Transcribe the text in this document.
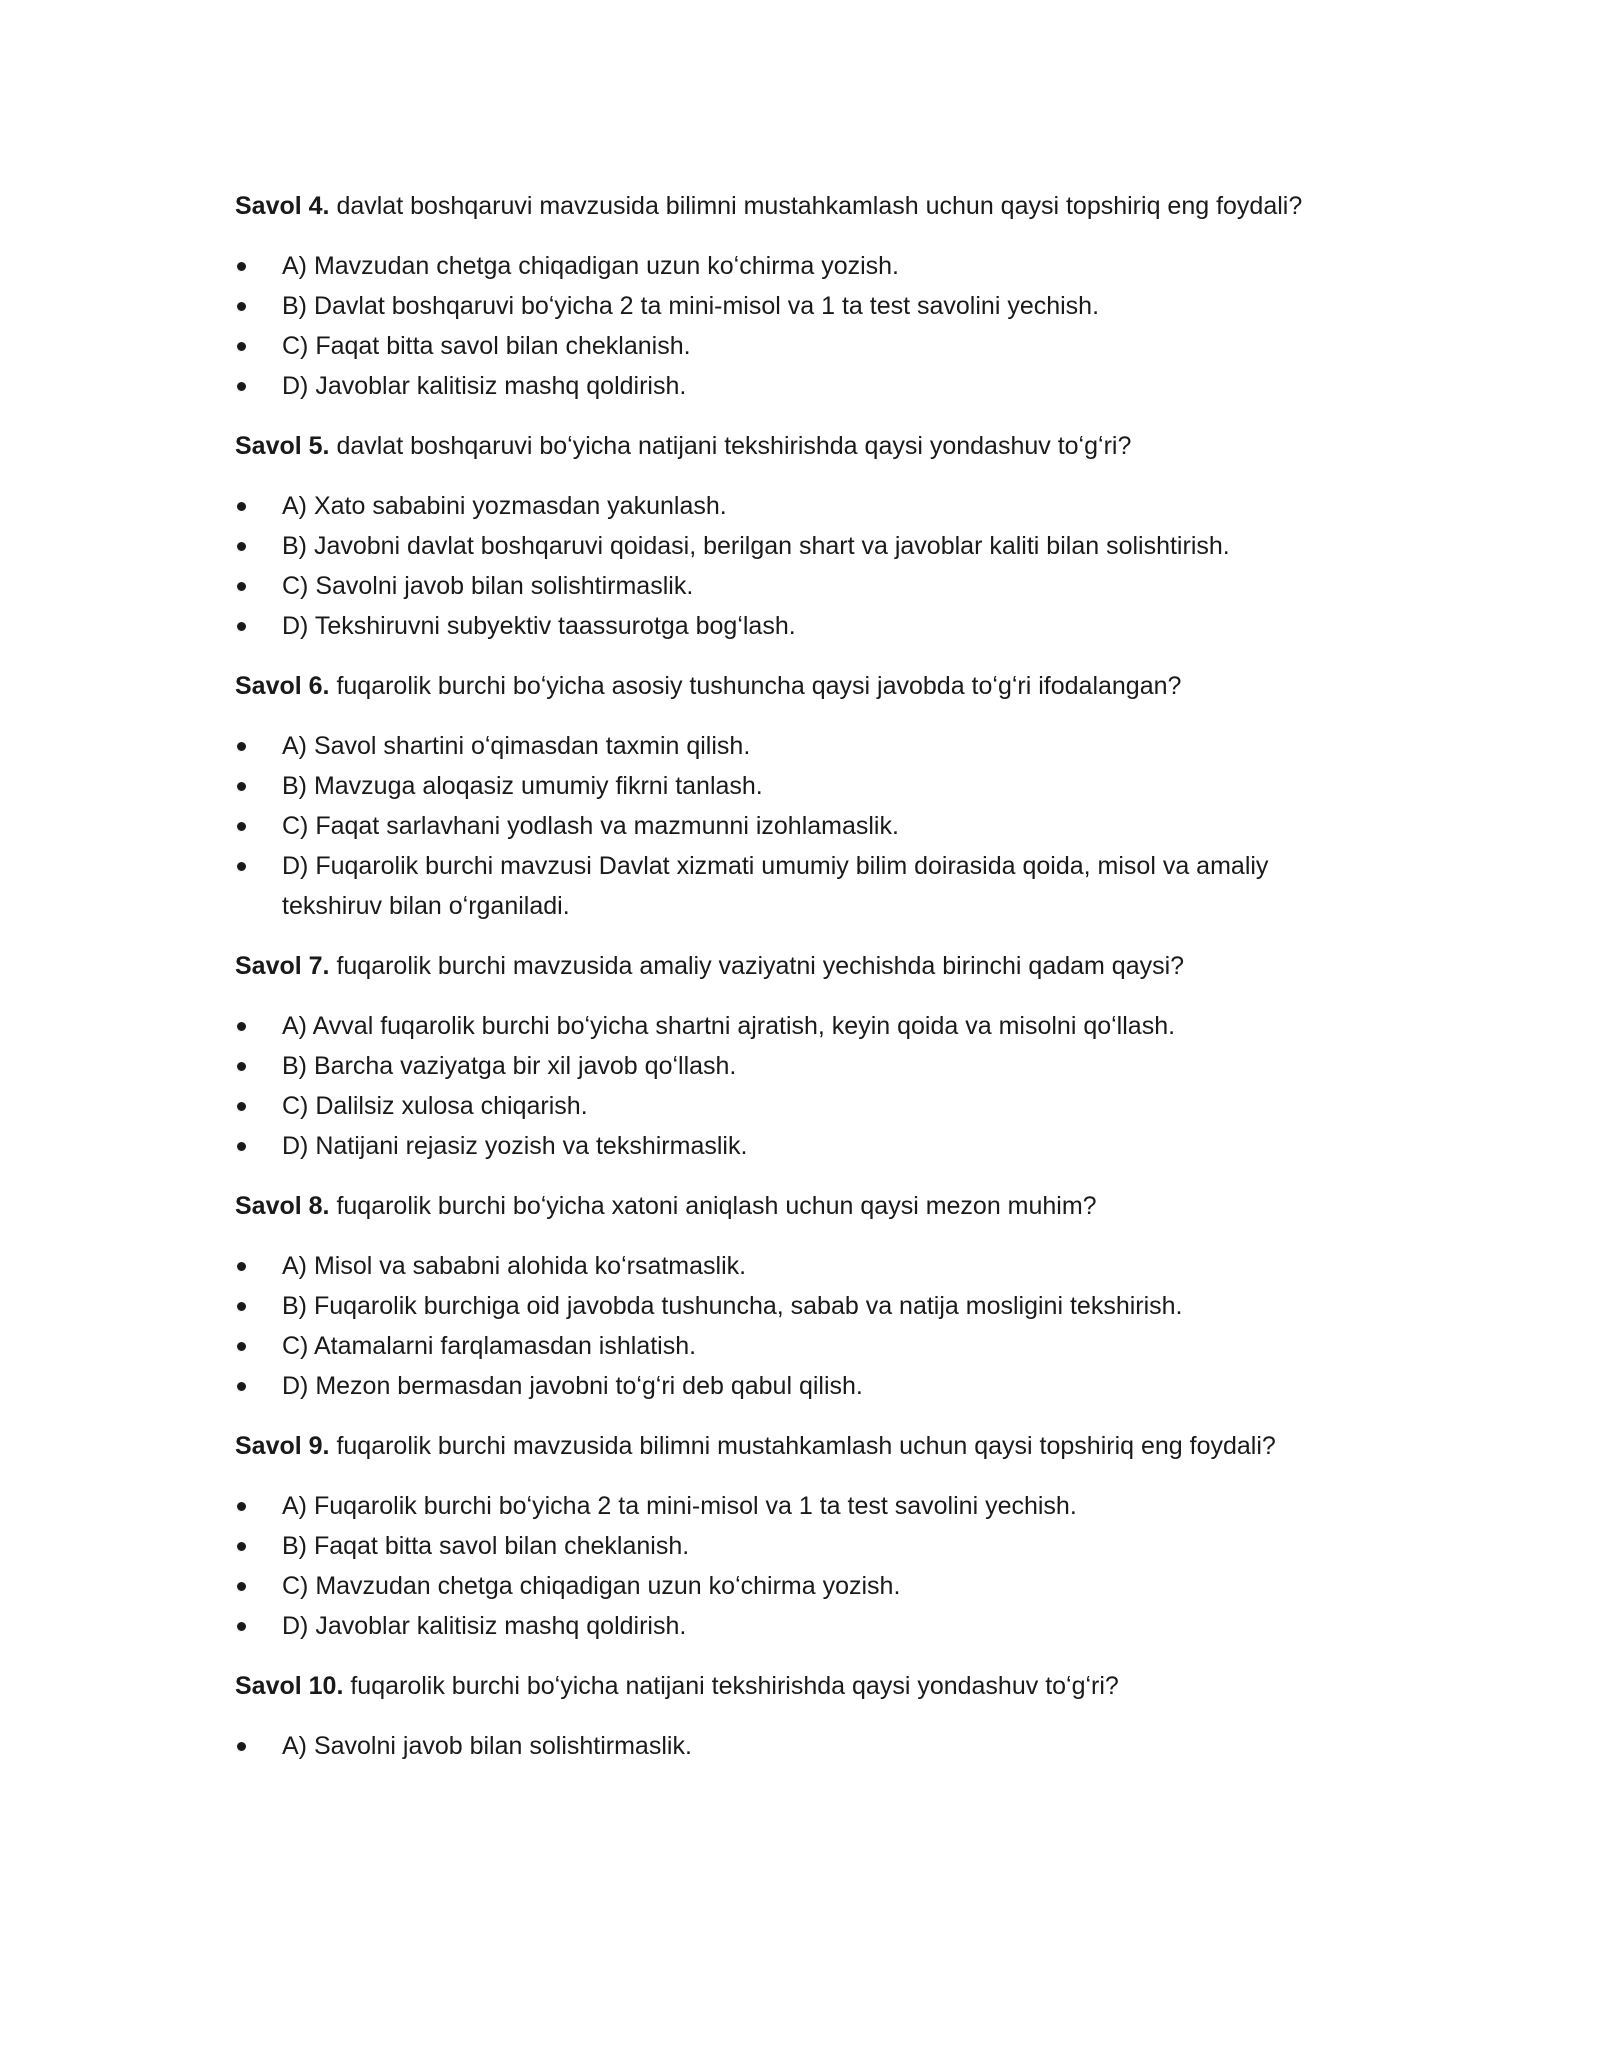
Savol 4. davlat boshqaruvi mavzusida bilimni mustahkamlash uchun qaysi topshiriq eng foydali?

A) Mavzudan chetga chiqadigan uzun koʻchirma yozish.
B) Davlat boshqaruvi boʻyicha 2 ta mini-misol va 1 ta test savolini yechish.
C) Faqat bitta savol bilan cheklanish.
D) Javoblar kalitisiz mashq qoldirish.

Savol 5. davlat boshqaruvi boʻyicha natijani tekshirishda qaysi yondashuv toʻgʻri?

A) Xato sababini yozmasdan yakunlash.
B) Javobni davlat boshqaruvi qoidasi, berilgan shart va javoblar kaliti bilan solishtirish.
C) Savolni javob bilan solishtirmaslik.
D) Tekshiruvni subyektiv taassurotga bogʻlash.

Savol 6. fuqarolik burchi boʻyicha asosiy tushuncha qaysi javobda toʻgʻri ifodalangan?

A) Savol shartini oʻqimasdan taxmin qilish.
B) Mavzuga aloqasiz umumiy fikrni tanlash.
C) Faqat sarlavhani yodlash va mazmunni izohlamaslik.
D) Fuqarolik burchi mavzusi Davlat xizmati umumiy bilim doirasida qoida, misol va amaliy tekshiruv bilan oʻrganiladi.

Savol 7. fuqarolik burchi mavzusida amaliy vaziyatni yechishda birinchi qadam qaysi?

A) Avval fuqarolik burchi boʻyicha shartni ajratish, keyin qoida va misolni qoʻllash.
B) Barcha vaziyatga bir xil javob qoʻllash.
C) Dalilsiz xulosa chiqarish.
D) Natijani rejasiz yozish va tekshirmaslik.

Savol 8. fuqarolik burchi boʻyicha xatoni aniqlash uchun qaysi mezon muhim?

A) Misol va sababni alohida koʻrsatmaslik.
B) Fuqarolik burchiga oid javobda tushuncha, sabab va natija mosligini tekshirish.
C) Atamalarni farqlamasdan ishlatish.
D) Mezon bermasdan javobni toʻgʻri deb qabul qilish.

Savol 9. fuqarolik burchi mavzusida bilimni mustahkamlash uchun qaysi topshiriq eng foydali?

A) Fuqarolik burchi boʻyicha 2 ta mini-misol va 1 ta test savolini yechish.
B) Faqat bitta savol bilan cheklanish.
C) Mavzudan chetga chiqadigan uzun koʻchirma yozish.
D) Javoblar kalitisiz mashq qoldirish.

Savol 10. fuqarolik burchi boʻyicha natijani tekshirishda qaysi yondashuv toʻgʻri?

A) Savolni javob bilan solishtirmaslik.
